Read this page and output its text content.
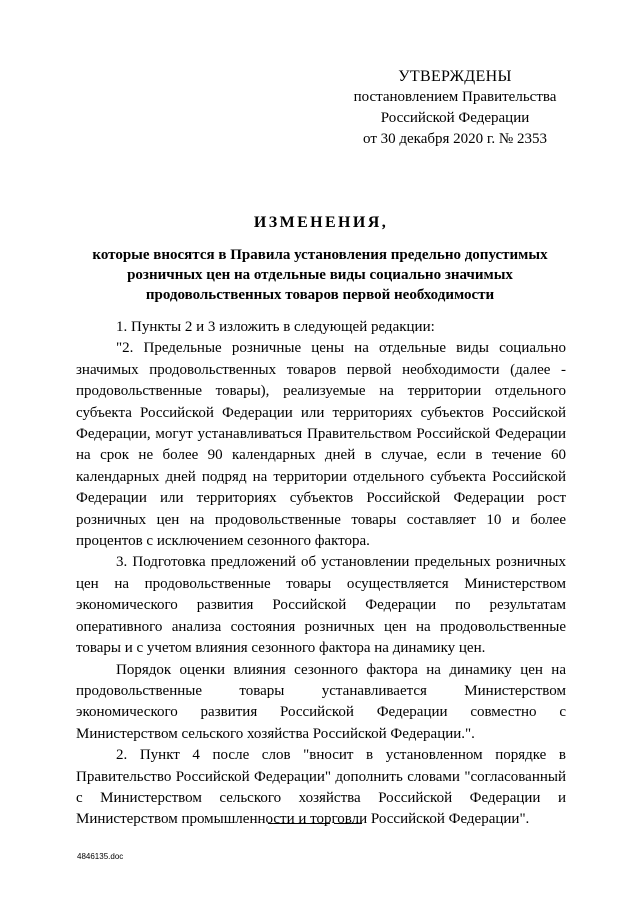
УТВЕРЖДЕНЫ
постановлением Правительства
Российской Федерации
от 30 декабря 2020 г. № 2353
ИЗМЕНЕНИЯ,
которые вносятся в Правила установления предельно допустимых
розничных цен на отдельные виды социально значимых
продовольственных товаров первой необходимости

1. Пункты 2 и 3 изложить в следующей редакции:

"2. Предельные розничные цены на отдельные виды социально значимых продовольственных товаров первой необходимости (далее - продовольственные товары), реализуемые на территории отдельного субъекта Российской Федерации или территориях субъектов Российской Федерации, могут устанавливаться Правительством Российской Федерации на срок не более 90 календарных дней в случае, если в течение 60 календарных дней подряд на территории отдельного субъекта Российской Федерации или территориях субъектов Российской Федерации рост розничных цен на продовольственные товары составляет 10 и более процентов с исключением сезонного фактора.

3. Подготовка предложений об установлении предельных розничных цен на продовольственные товары осуществляется Министерством экономического развития Российской Федерации по результатам оперативного анализа состояния розничных цен на продовольственные товары и с учетом влияния сезонного фактора на динамику цен.

Порядок оценки влияния сезонного фактора на динамику цен на продовольственные товары устанавливается Министерством экономического развития Российской Федерации совместно с Министерством сельского хозяйства Российской Федерации.".

2. Пункт 4 после слов "вносит в установленном порядке в Правительство Российской Федерации" дополнить словами "согласованный с Министерством сельского хозяйства Российской Федерации и Министерством промышленности и торговли Российской Федерации".

4846135.doc
